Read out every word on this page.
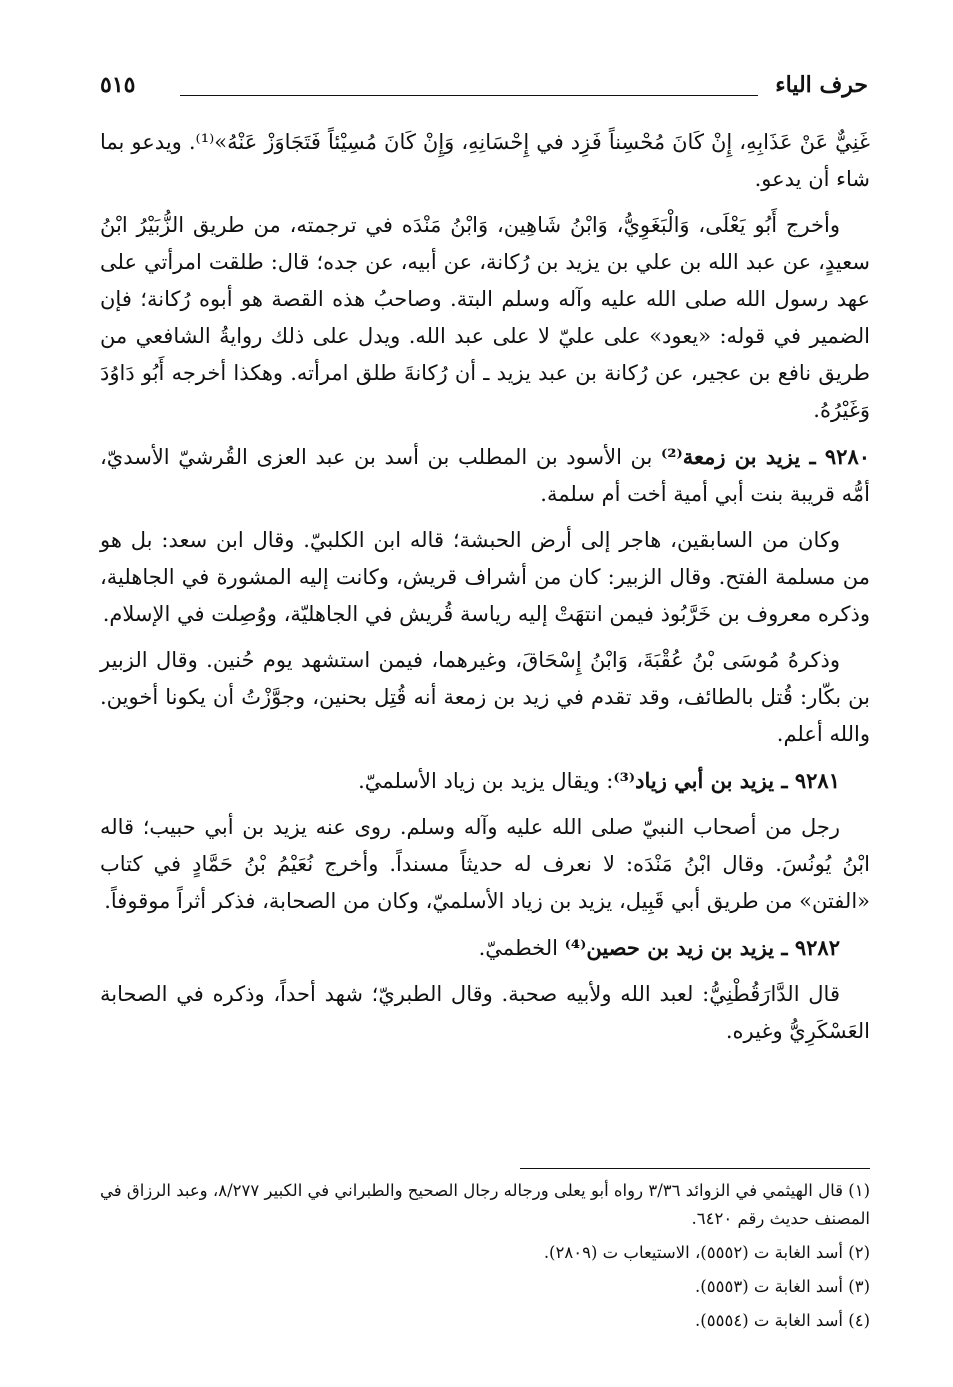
حرف الياء
٥١٥

غَنِيٌّ عَنْ عَذَابِهِ، إِنْ كَانَ مُحْسِناً فَزِد في إِحْسَانِهِ، وَإِنْ كَانَ مُسِيْئاً فَتَجَاوَزْ عَنْهُ»⁽¹⁾. ويدعو بما شاء أن يدعو.

وأخرج أَبُو يَعْلَى، وَالْبَغَوِيُّ، وَابْنُ شَاهِين، وَابْنُ مَنْدَه في ترجمته، من طريق الزُّبَيْرُ ابْنُ سعيدٍ، عن عبد الله بن علي بن يزيد بن رُكانة، عن أبيه، عن جده؛ قال: طلقت امرأتي على عهد رسول الله صلى الله عليه وآله وسلم البتة. وصاحبُ هذه القصة هو أبوه رُكانة؛ فإن الضمير في قوله: «يعود» على عليّ لا على عبد الله. ويدل على ذلك روايةُ الشافعي من طريق نافع بن عجير، عن رُكانة بن عبد يزيد ـ أن رُكانةَ طلق امرأته. وهكذا أخرجه أَبُو دَاوُدَ وَغَيْرُهُ.

٩٢٨٠ ـ يزيد بن زمعة⁽²⁾ بن الأسود بن المطلب بن أسد بن عبد العزى القُرشيّ الأسديّ، أمُّه قريبة بنت أبي أمية أخت أم سلمة.

وكان من السابقين، هاجر إلى أرض الحبشة؛ قاله ابن الكلبيّ. وقال ابن سعد: بل هو من مسلمة الفتح. وقال الزبير: كان من أشراف قريش، وكانت إليه المشورة في الجاهلية، وذكره معروف بن خَرَّبُوذ فيمن انتهَتْ إليه رياسة قُريش في الجاهليّة، ووُصِلت في الإسلام.

وذكرهُ مُوسَى بْنُ عُقْبَةَ، وَابْنُ إِسْحَاقَ، وغيرهما، فيمن استشهد يوم حُنين. وقال الزبير بن بكّار: قُتل بالطائف، وقد تقدم في زيد بن زمعة أنه قُتِل بحنين، وجوَّزْتُ أن يكونا أخوين. والله أعلم.

٩٢٨١ ـ يزيد بن أبي زياد⁽³⁾: ويقال يزيد بن زياد الأسلميّ.

رجل من أصحاب النبيّ صلى الله عليه وآله وسلم. روى عنه يزيد بن أبي حبيب؛ قاله ابْنُ يُونُسَ. وقال ابْنُ مَنْدَه: لا نعرف له حديثاً مسنداً. وأخرج نُعَيْمُ بْنُ حَمَّادٍ في كتاب «الفتن» من طريق أبي قَبِيل، يزيد بن زياد الأسلميّ، وكان من الصحابة، فذكر أثراً موقوفاً.

٩٢٨٢ ـ يزيد بن زيد بن حصين⁽⁴⁾ الخطميّ.

قال الدَّارَقُطْنِيُّ: لعبد الله ولأبيه صحبة. وقال الطبريّ؛ شهد أحداً، وذكره في الصحابة العَسْكَرِيُّ وغيره.

(١) قال الهيثمي في الزوائد ٣/٣٦ رواه أبو يعلى ورجاله رجال الصحيح والطبراني في الكبير ٨/٢٧٧، وعبد الرزاق في المصنف حديث رقم ٦٤٢٠.

(٢) أسد الغابة ت (٥٥٥٢)، الاستيعاب ت (٢٨٠٩).

(٣) أسد الغابة ت (٥٥٥٣).

(٤) أسد الغابة ت (٥٥٥٤).
